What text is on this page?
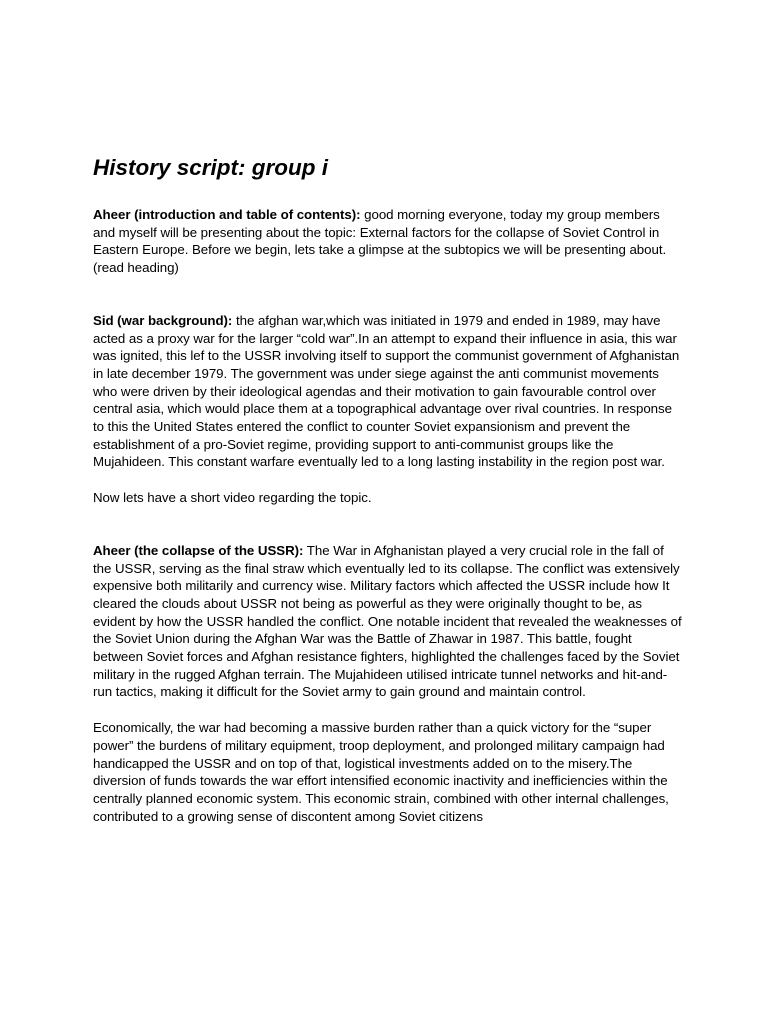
History script: group i

Aheer (introduction and table of contents): good morning everyone, today my group members and myself will be presenting about the topic: External factors for the collapse of Soviet Control in Eastern Europe. Before we begin, lets take a glimpse at the subtopics we will be presenting about. (read heading)

Sid (war background): the afghan war,which was initiated in 1979 and ended in 1989, may have acted as a proxy war for the larger “cold war”.In an attempt to expand their influence in asia, this war was ignited, this lef to the USSR involving itself to support the communist government of Afghanistan in late december 1979. The government was under siege against the anti communist movements who were driven by their ideological agendas and their motivation to gain favourable control over central asia, which would place them at a topographical advantage over rival countries. In response to this the United States entered the conflict to counter Soviet expansionism and prevent the establishment of a pro-Soviet regime, providing support to anti-communist groups like the Mujahideen. This constant warfare eventually led to a long lasting instability in the region post war.

Now lets have a short video regarding the topic.

Aheer (the collapse of the USSR): The War in Afghanistan played a very crucial role in the fall of the USSR, serving as the final straw which eventually led to its collapse. The conflict was extensively expensive both militarily and currency wise. Military factors which affected the USSR include how It cleared the clouds about USSR not being as powerful as they were originally thought to be, as evident by how the USSR handled the conflict. One notable incident that revealed the weaknesses of the Soviet Union during the Afghan War was the Battle of Zhawar in 1987. This battle, fought between Soviet forces and Afghan resistance fighters, highlighted the challenges faced by the Soviet military in the rugged Afghan terrain. The Mujahideen utilised intricate tunnel networks and hit-and-run tactics, making it difficult for the Soviet army to gain ground and maintain control.

Economically, the war had becoming a massive burden rather than a quick victory for the “super power” the burdens of military equipment, troop deployment, and prolonged military campaign had handicapped the USSR and on top of that, logistical investments added on to the misery.The diversion of funds towards the war effort intensified economic inactivity and inefficiencies within the centrally planned economic system. This economic strain, combined with other internal challenges, contributed to a growing sense of discontent among Soviet citizens
